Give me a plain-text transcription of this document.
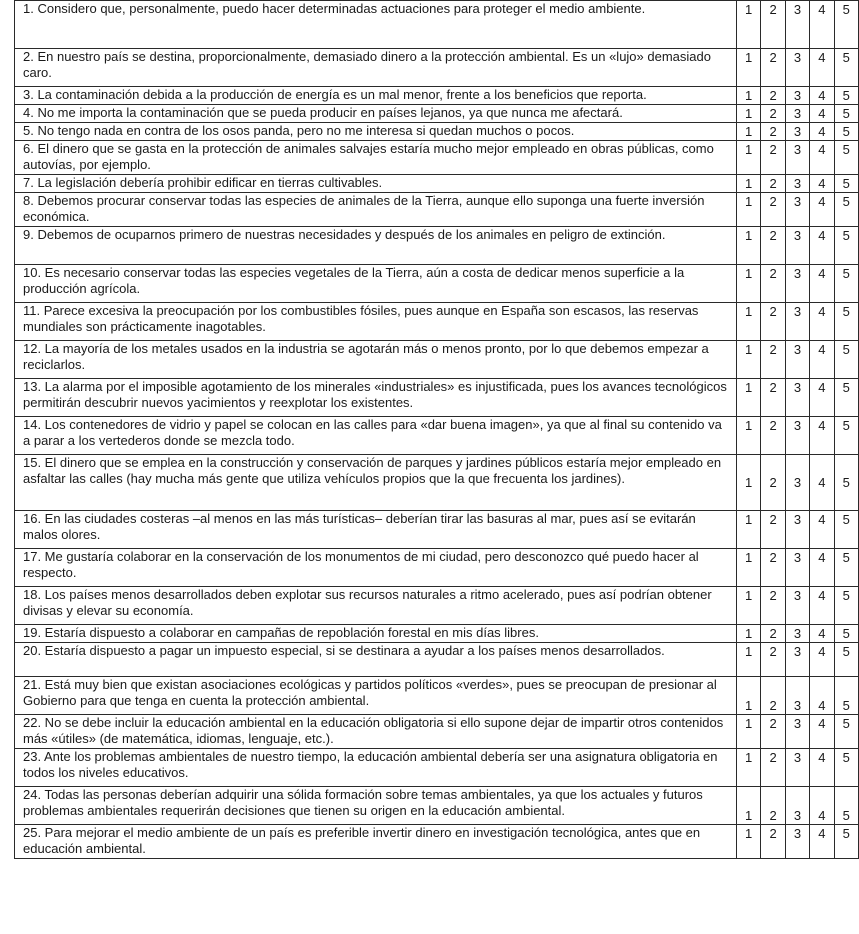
1. Considero que, personalmente, puedo hacer determinadas actuaciones para proteger el medio ambiente.	1	2	3	4	5

2. En nuestro país se destina, proporcionalmente, demasiado dinero a la protección ambiental. Es un «lujo» demasiado caro.	1	2	3	4	5

3. La contaminación debida a la producción de energía es un mal menor, frente a los beneficios que reporta.	1	2	3	4	5

4. No me importa la contaminación que se pueda producir en países lejanos, ya que nunca me afectará.	1	2	3	4	5

5. No tengo nada en contra de los osos panda, pero no me interesa si quedan muchos o pocos.	1	2	3	4	5

6. El dinero que se gasta en la protección de animales salvajes estaría mucho mejor empleado en obras públicas, como autovías, por ejemplo.	1	2	3	4	5

7. La legislación debería prohibir edificar en tierras cultivables.	1	2	3	4	5

8. Debemos procurar conservar todas las especies de animales de la Tierra, aunque ello suponga una fuerte inversión económica.	1	2	3	4	5

9. Debemos de ocuparnos primero de nuestras necesidades y después de los animales en peligro de extinción.	1	2	3	4	5

10. Es necesario conservar todas las especies vegetales de la Tierra, aún a costa de dedicar menos superficie a la producción agrícola.	1	2	3	4	5

11. Parece excesiva la preocupación por los combustibles fósiles, pues aunque en España son escasos, las reservas mundiales son prácticamente inagotables.	1	2	3	4	5

12. La mayoría de los metales usados en la industria se agotarán más o menos pronto, por lo que debemos empezar a reciclarlos.	1	2	3	4	5

13. La alarma por el imposible agotamiento de los minerales «industriales» es injustificada, pues los avances tecnológicos permitirán descubrir nuevos yacimientos y reexplotar los existentes.	1	2	3	4	5

14. Los contenedores de vidrio y papel se colocan en las calles para «dar buena imagen», ya que al final su contenido va a parar a los vertederos donde se mezcla todo.	1	2	3	4	5

15. El dinero que se emplea en la construcción y conservación de parques y jardines públicos estaría mejor empleado en asfaltar las calles (hay mucha más gente que utiliza vehículos propios que la que frecuenta los jardines).	1	2	3	4	5

16. En las ciudades costeras –al menos en las más turísticas– deberían tirar las basuras al mar, pues así se evitarán malos olores.	1	2	3	4	5

17. Me gustaría colaborar en la conservación de los monumentos de mi ciudad, pero desconozco qué puedo hacer al respecto.	1	2	3	4	5

18. Los países menos desarrollados deben explotar sus recursos naturales a ritmo acelerado, pues así podrían obtener divisas y elevar su economía.	1	2	3	4	5

19. Estaría dispuesto a colaborar en campañas de repoblación forestal en mis días libres.	1	2	3	4	5

20. Estaría dispuesto a pagar un impuesto especial, si se destinara a ayudar a los países menos desarrollados.	1	2	3	4	5

21. Está muy bien que existan asociaciones ecológicas y partidos políticos «verdes», pues se preocupan de presionar al Gobierno para que tenga en cuenta la protección ambiental.	1	2	3	4	5

22. No se debe incluir la educación ambiental en la educación obligatoria si ello supone dejar de impartir otros contenidos más «útiles» (de matemática, idiomas, lenguaje, etc.).	1	2	3	4	5

23. Ante los problemas ambientales de nuestro tiempo, la educación ambiental debería ser una asignatura obligatoria en todos los niveles educativos.	1	2	3	4	5

24. Todas las personas deberían adquirir una sólida formación sobre temas ambientales, ya que los actuales y futuros problemas ambientales requerirán decisiones que tienen su origen en la educación ambiental.	1	2	3	4	5

25. Para mejorar el medio ambiente de un país es preferible invertir dinero en investigación tecnológica, antes que en educación ambiental.	1	2	3	4	5
